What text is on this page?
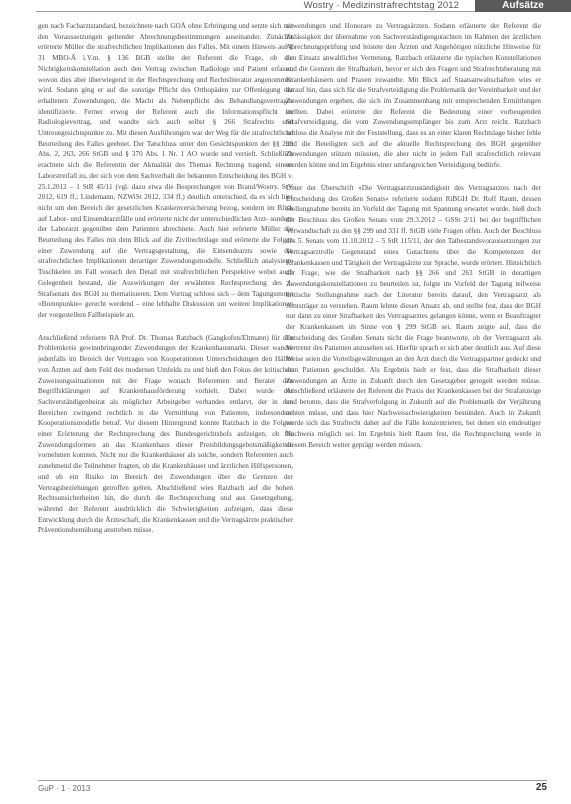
Wostry · Medizinstrafrechtstag 2012	Aufsätze

gen nach Facharztstandard, bezeichnete nach GOÄ ohne Erbringung und setzte sich mit den Voraussetzungen geltender Abrechnungsbestimmungen auseinander. Zunächst erörterte Müller die strafrechtlichen Implikationen des Falles. Mit einem Hinweis auf § 31 MBO-Ä i.V.m. § 136 BGB stellte der Referent die Frage, ob die Nichtigkeitskonstellation auch den Vertrag zwischen Radiologe und Patient erfasse, wovon dies aber überwiegend in der Rechtsprechung und Rechtsliteratur angenommen wird. Sodann ging er auf die sonstige Pflicht des Orthopäden zur Offenlegung der erhaltenen Zuwendungen, die Macht als Nebenpflicht des Behandlungsvertrages identifizierte. Ferner erwog der Referent auch die Informationspflicht im Radiologievertrag, und wandte sich auch selbst § 266 Strafrechts und Untreuegesichtspunkte zu. Mit diesen Ausführungen war der Weg für die strafrechtliche Beurteilung des Falles geebnet. Der Tatschluss unter den Gesichtspunkten der §§ 299 Abs. 2, 263, 266 StGB und § 370 Abs. 1 Nr. 1 AO wurde und vertieft. Schließlich erachtete sich die Referentin der Aktualität des Themas Rechnung tragend, einem Laborstreifall zu, der sich von dem Sachverhalt der bekannten Entscheidung des BGH v. 25.1.2012 – 1 StR 45/11 (vgl. dazu etwa die Besprechungen von Brand/Wostry, StV 2012, 619 ff.; Lindemann, NZWiSt 2012, 334 ff.) deutlich unterschied, da es sich hier nicht um den Bereich der gesetzlichen Krankenversicherung bezog, sondern im Blick auf Labor- und Einsendearztfälle und erörterte nicht der unterschiedlichen Arzt- sondern der Laborarzt gegenüber dem Patienten abrechnete. Auch hier erörterte Müller die Beurteilung des Falles mit dem Blick auf die Zivilrechtslage und erörterte die Folgen einer Zuwendung auf die Vertragsgestaltung, die Einsendearzts sowie die strafrechtlichen Implikationen derartiger Zuwendungsmodelle. Schließlich analysierte Tuschkelen im Fall wonach den Detail mit strafrechtlichen Perspektive wobei auch Gelegenheit bestand, die Auswirkungen der erwähnten Rechtsprechung des 1. Strafsenats des BGH zu thematisieren. Dem Vortrag schloss sich – dem Tagungsmotto »Brennpunkte« gerecht werdend – eine lebhafte Diskussion um weitere Implikationen der vorgestellten Fallbeispiele an.

Anschließend referierte RA Prof. Dr. Thomas Ratzbach (Gangkofen/Eltmann) für den Problemkreis gewinnbringender Zuwendungen der Krankenhausmarkt. Dieser wandte jedenfalls im Bereich der Vertrages von Kooperationen Unterscheidungen den Hälfte von Ärzten auf dem Feld des modernen Umfelds zu und hieß den Fokus der kritischen Zuweisungssituationen mit der Frage wonach Referenten und Berater den Begriffsklärungen auf Krankenhausförderung vorhielt. Dabei wurde der Sachverständigenbeirat als möglicher Arbeitgeber verbandes entlarvt, der in den Bereichen zwingend rechtlich in die Vermittlung von Patienten, insbesondere Kooperationsmodelle betraf. Vor diesem Hintergrund konnte Ratzbach in die Folgen einer Erörterung der Rechtsprechung des Bundesgerichtshofs aufzeigen, ob für Zuwendungsformen an das Krankenhaus dieser Preisbildungsgebotsmäßigkeiten vornehmen konnten. Nicht nur die Krankenhäuser als solche, sondern Referenten auch zunehmend die Teilnehmer fragten, ob die Krankenhäuser und ärztlichen Hilfspersonen, und ob ein Risiko im Bereich der Zuwendungen über die Grenzen der Vertragsbeziehungen getroffen gelten. Abschließend wies Ratzbach auf die hohen Rechtsunsicherheiten hin, die durch die Rechtsprechung und aus Gesetzgebung, während der Referent ausdrücklich die Schwierigkeiten aufzeigen, dass diese Entwicklung durch die Ärzteschaft, die Krankenkassen und die Vertragsärzte praktischer Präventionsbemühung anstreben müsse.

zuwendungen und Honorare zu Vertragsärzten. Sodann erläuterte der Referent die Zulässigkeit der übernahme von Sachverständigengutachten im Rahmen der ärztlichen Abrechnungsprüfung und leistete den Ärzten und Angehörigen nützliche Hinweise für den Einsatz anwaltlicher Vertretung. Ratzbach erläuterte die typischen Konstellationen und die Grenzen der Strafbarkeit, bevor er sich den Fragen und Strafrechtsberatung mit Krankenhäusern und Praxen zuwandte. Mit Blick auf Staatsanwaltschaften wies er darauf hin, dass sich für die Strafverteidigung die Problematik der Vereinbarkeit und der Zuwendungen ergeben, die sich im Zusammenhang mit entsprechenden Ermittlungen stellten. Dabei erörterte der Referent die Bedeutung einer vorbeugenden Strafverteidigung, die vom Zuwendungsempfänger bis zum Arzt reicht. Ratzbach schloss die Analyse mit der Feststellung, dass es an einer klaren Rechtslage bisher fehle und die Beteiligten sich auf die aktuelle Rechtsprechung des BGH gegenüber Zuwendungen stützen müssten, die aber nicht in jedem Fall strafrechtlich relevant werden könne und im Ergebnis einer umfangreichen Verteidigung bedürfe.

Unter der Überschrift »Die Vertragsarztzuständigkeit des Vertragsarztes nach der Entscheidung des Großen Senats« referierte sodann RiBGH Dr. Rolf Raum, dessen Stellungnahme bereits im Vorfeld der Tagung mit Spannung erwartet wurde, hieß doch der Beschluss des Großen Senats vom 29.3.2012 – GSSt 2/11 bei der begrifflichen Verwandtschaft zu den §§ 299 und 331 ff. StGB viele Fragen offen. Auch der Beschluss des 5. Senats vom 11.10.2012 – 5 StR 115/11, der den Tatbestandsvoraussetzungen zur Vertragsarztrolle Gegenstand eines Gutachtens über die Kompetenzen der Krankenkassen und Tätigkeit der Vertragsärzte zur Sprache, wurde erörtert. Hinsichtlich der Frage, wie die Strafbarkeit nach §§ 266 und 263 StGB in derartigen Zuwendungskonstellationen zu beurteilen ist, folgte im Vorfeld der Tagung teilweise kritische Stellungnahme nach der Literatur bereits darauf, den Vertragsarzt als Amtsträger zu verstehen. Raum lehnte diesen Ansatz ab, und stellte fest, dass der BGH nur dann zu einer Strafbarkeit des Vertragsarztes gelangen könne, wenn er Beauftragter der Krankenkassen im Sinne von § 299 StGB sei. Raum zeigte auf, dass die Entscheidung des Großen Senats nicht die Frage beantworte, ob der Vertragsarzt als Vertreter des Patienten anzusehen sei. Hierfür sprach er sich aber deutlich aus. Auf diese Weise seien die Vorteilsgewährungen an den Arzt durch die Vertragspartner gedeckt und dem Patienten geschuldet. Als Ergebnis hielt er fest, dass die Strafbarkeit dieser Zuwendungen an Ärzte in Zukunft durch den Gesetzgeber geregelt werden müsse. Anschließend erläuterte der Referent die Praxis der Krankenkassen bei der Strafanzeige und betonte, dass die Strafverfolgung in Zukunft auf die Problematik der Verjährung achten müsse, und dass hier Nachweisschwierigkeiten bestünden. Auch in Zukunft werde sich das Strafrecht daher auf die Fälle konzentrieren, bei denen ein eindeutiger Nachweis möglich sei. Im Ergebnis hielt Raum fest, die Rechtsprechung werde in diesem Bereich weiter geprägt werden müssen.

GuP · 1 · 2013	25
